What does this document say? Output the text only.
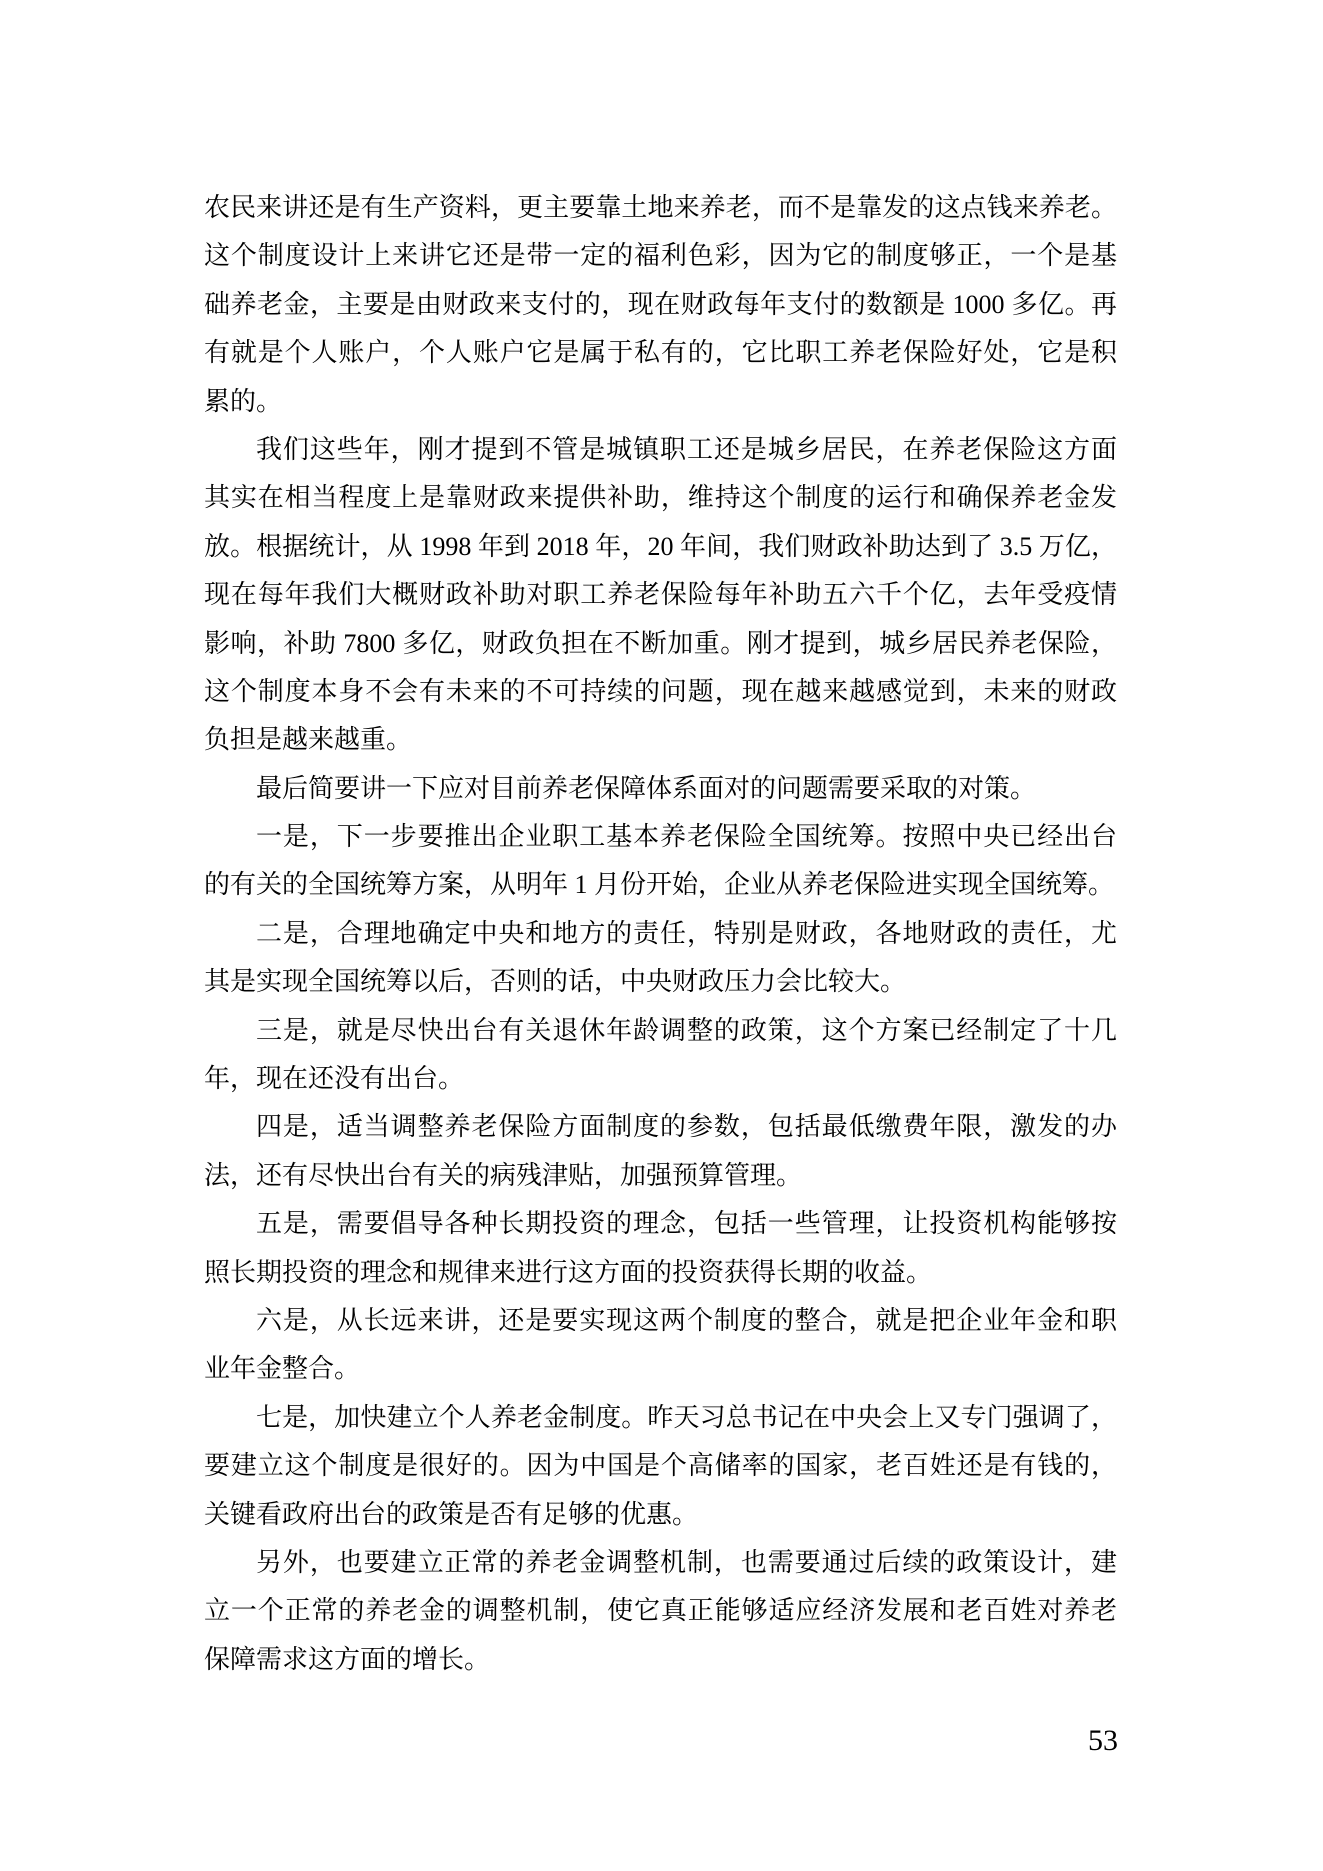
农民来讲还是有生产资料，更主要靠土地来养老，而不是靠发的这点钱来养老。
这个制度设计上来讲它还是带一定的福利色彩，因为它的制度够正，一个是基
础养老金，主要是由财政来支付的，现在财政每年支付的数额是 1000 多亿。再
有就是个人账户，个人账户它是属于私有的，它比职工养老保险好处，它是积
累的。
我们这些年，刚才提到不管是城镇职工还是城乡居民，在养老保险这方面
其实在相当程度上是靠财政来提供补助，维持这个制度的运行和确保养老金发
放。根据统计，从 1998 年到 2018 年，20 年间，我们财政补助达到了 3.5 万亿，
现在每年我们大概财政补助对职工养老保险每年补助五六千个亿，去年受疫情
影响，补助 7800 多亿，财政负担在不断加重。刚才提到，城乡居民养老保险，
这个制度本身不会有未来的不可持续的问题，现在越来越感觉到，未来的财政
负担是越来越重。
最后简要讲一下应对目前养老保障体系面对的问题需要采取的对策。
一是，下一步要推出企业职工基本养老保险全国统筹。按照中央已经出台
的有关的全国统筹方案，从明年 1 月份开始，企业从养老保险进实现全国统筹。
二是，合理地确定中央和地方的责任，特别是财政，各地财政的责任，尤
其是实现全国统筹以后，否则的话，中央财政压力会比较大。
三是，就是尽快出台有关退休年龄调整的政策，这个方案已经制定了十几
年，现在还没有出台。
四是，适当调整养老保险方面制度的参数，包括最低缴费年限，激发的办
法，还有尽快出台有关的病残津贴，加强预算管理。
五是，需要倡导各种长期投资的理念，包括一些管理，让投资机构能够按
照长期投资的理念和规律来进行这方面的投资获得长期的收益。
六是，从长远来讲，还是要实现这两个制度的整合，就是把企业年金和职
业年金整合。
七是，加快建立个人养老金制度。昨天习总书记在中央会上又专门强调了，
要建立这个制度是很好的。因为中国是个高储率的国家，老百姓还是有钱的，
关键看政府出台的政策是否有足够的优惠。
另外，也要建立正常的养老金调整机制，也需要通过后续的政策设计，建
立一个正常的养老金的调整机制，使它真正能够适应经济发展和老百姓对养老
保障需求这方面的增长。
53
